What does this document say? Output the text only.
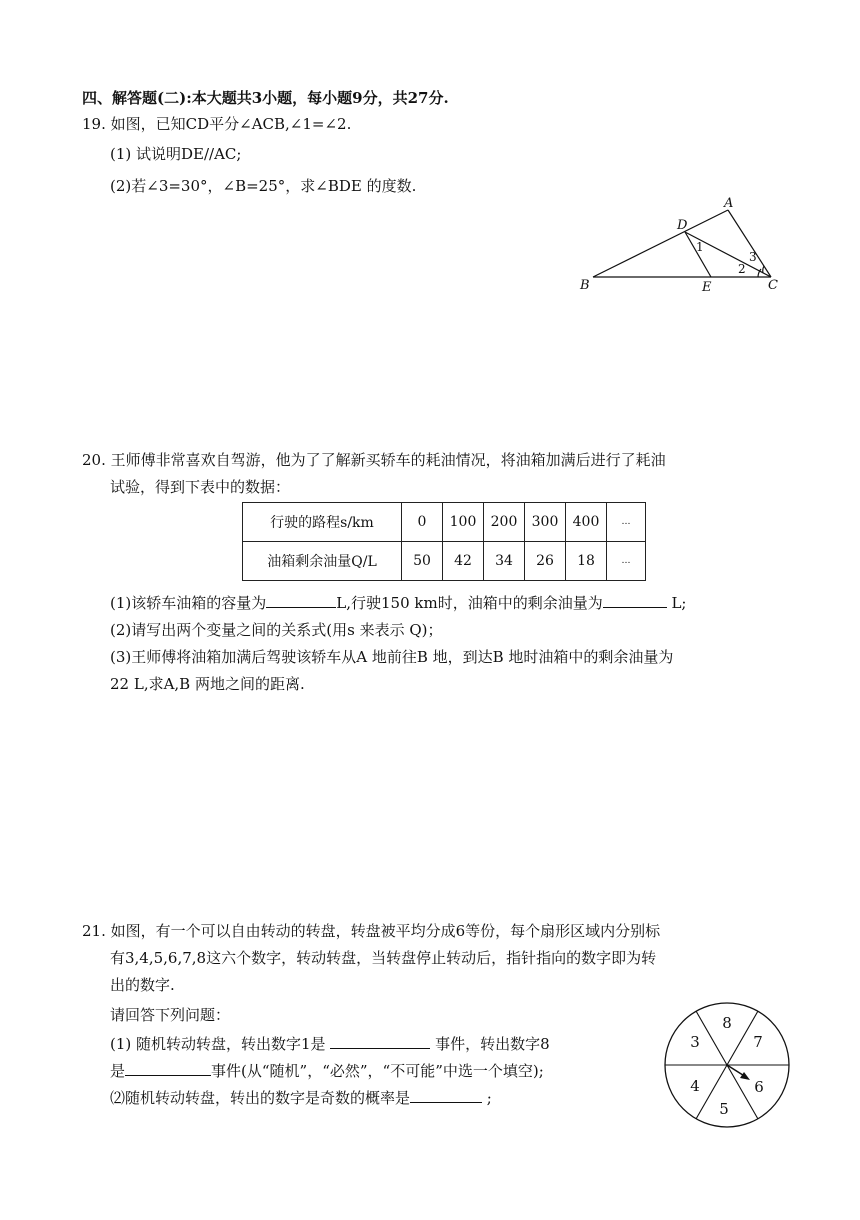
四、解答题(二):本大题共3小题，每小题9分，共27分.
19. 如图，已知CD平分∠ACB,∠1=∠2.
(1) 试说明DE//AC;
(2)若∠3=30°，∠B=25°，求∠BDE 的度数.
A
D
B	E	C
1
2
3
20. 王师傅非常喜欢自驾游，他为了了解新买轿车的耗油情况，将油箱加满后进行了耗油
试验，得到下表中的数据：
行驶的路程s/km	0	100	200	300	400	…
油箱剩余油量Q/L	50	42	34	26	18	…
(1)该轿车油箱的容量为	L,行驶150 km时，油箱中的剩余油量为	L;
(2)请写出两个变量之间的关系式(用s 来表示 Q)；
(3)王师傅将油箱加满后驾驶该轿车从A 地前往B 地，到达B 地时油箱中的剩余油量为
22 L,求A,B 两地之间的距离.
21. 如图，有一个可以自由转动的转盘，转盘被平均分成6等份，每个扇形区域内分别标
有3,4,5,6,7,8这六个数字，转动转盘，当转盘停止转动后，指针指向的数字即为转
出的数字.
请回答下列问题：
(1) 随机转动转盘，转出数字1是	事件，转出数字8
是	事件(从“随机”，“必然”，“不可能”中选一个填空);
⑵随机转动转盘，转出的数字是奇数的概率是	;
8
7
3
4
5
6
